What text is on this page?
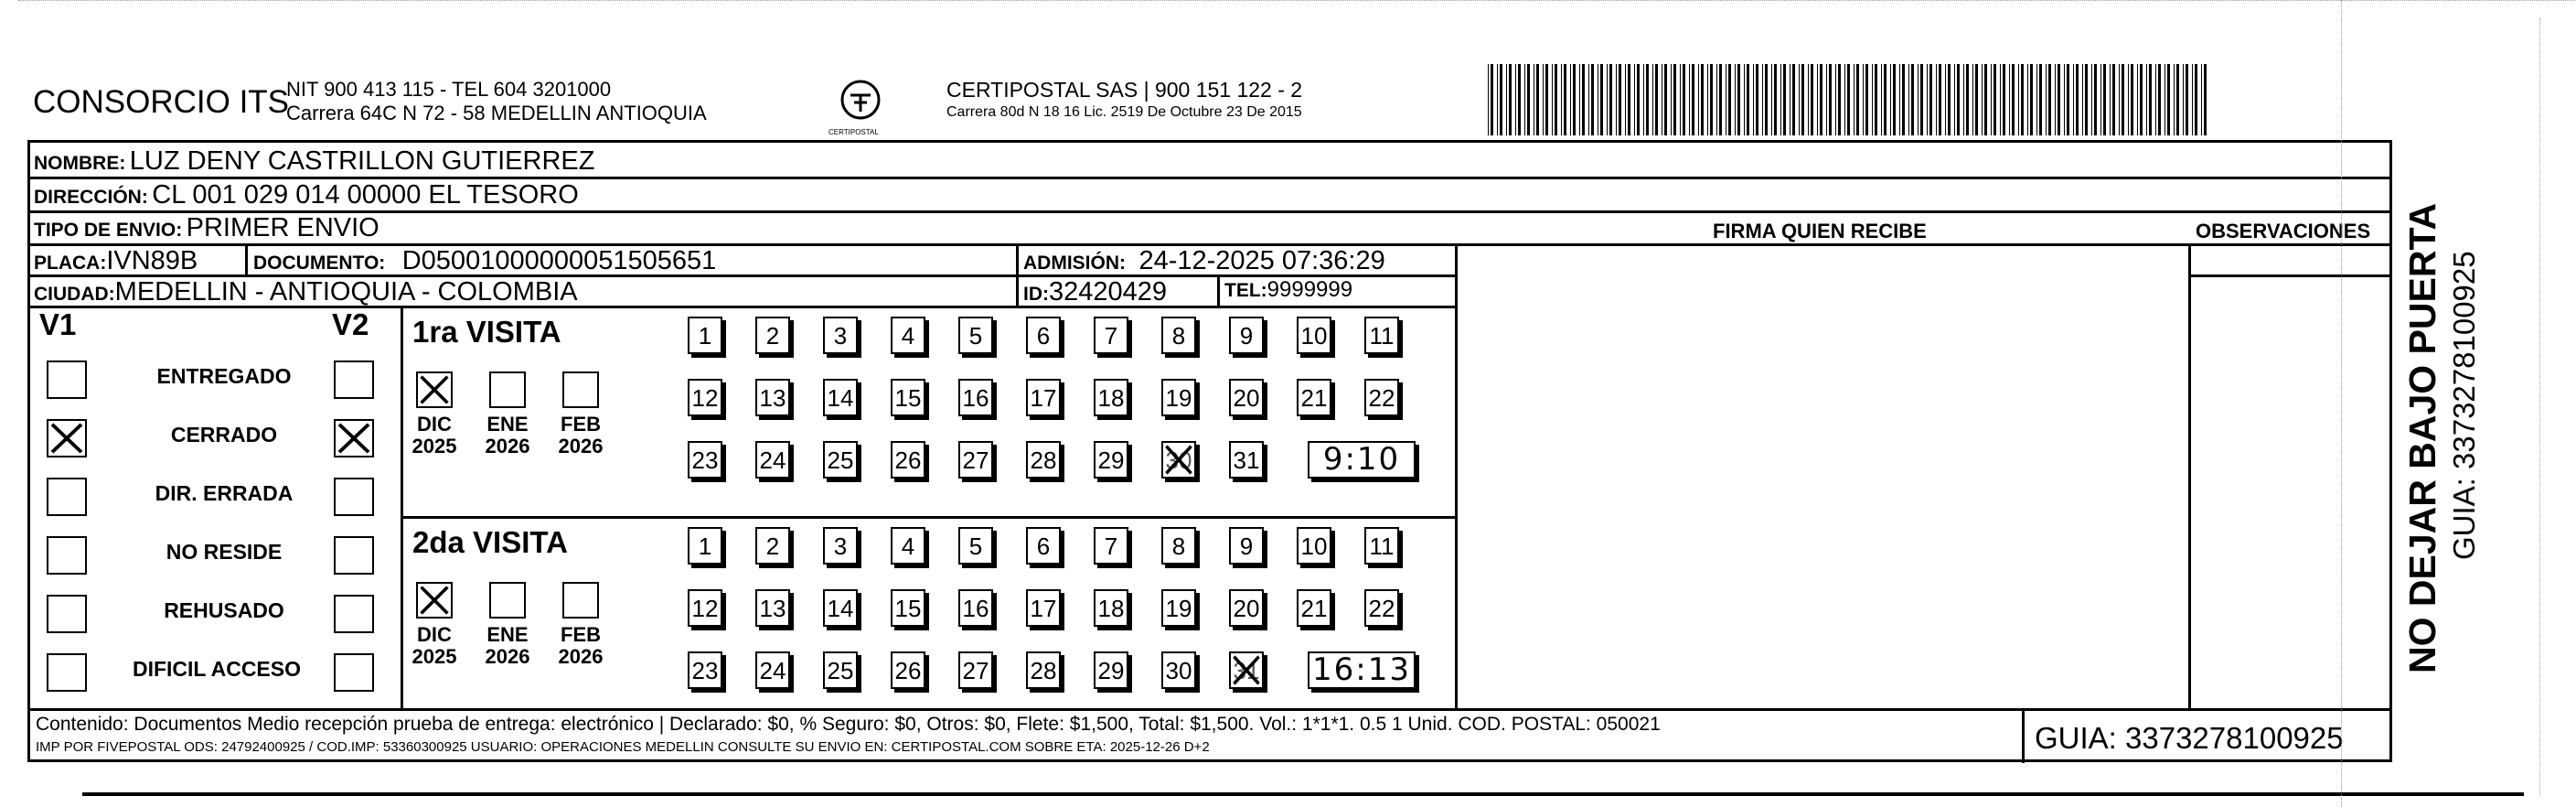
CONSORCIO ITS
NIT 900 413 115 - TEL 604 3201000
Carrera 64C N 72 - 58 MEDELLIN ANTIOQUIA
CERTIPOSTAL
CERTIPOSTAL SAS | 900 151 122 - 2
Carrera 80d N 18 16 Lic. 2519 De Octubre 23 De 2015
NOMBRE: LUZ DENY CASTRILLON GUTIERREZ
DIRECCIÓN: CL 001 029 014 00000 EL TESORO
TIPO DE ENVIO: PRIMER ENVIO	FIRMA QUIEN RECIBE	OBSERVACIONES
PLACA:IVN89B	DOCUMENTO: D05001000000051505651	ADMISIÓN: 24-12-2025 07:36:29
CIUDAD:MEDELLIN - ANTIOQUIA - COLOMBIA	ID:32420429	TEL:9999999
V1	V2
ENTREGADO
CERRADO
DIR. ERRADA
NO RESIDE
REHUSADO
DIFICIL ACCESO
1ra VISITA
DIC
2025
ENE
2026
FEB
2026
1	2	3	4	5	6	7	8	9	10 11
12 13 14 15 16 17 18 19 20 21 22
23 24 25 26 27 28 29 30 31	9:10
2da VISITA
DIC
2025
ENE
2026
FEB
2026
1	2	3	4	5	6	7	8	9	10 11
12 13 14 15 16 17 18 19 20 21 22
23 24 25 26 27 28 29 30 31 16:13
Contenido: Documentos Medio recepción prueba de entrega: electrónico | Declarado: $0, % Seguro: $0, Otros: $0, Flete: $1,500, Total: $1,500. Vol.: 1*1*1. 0.5 1 Unid. COD. POSTAL: 050021
IMP POR FIVEPOSTAL ODS: 24792400925 / COD.IMP: 53360300925 USUARIO: OPERACIONES MEDELLIN CONSULTE SU ENVIO EN: CERTIPOSTAL.COM SOBRE ETA: 2025-12-26 D+2	GUIA: 3373278100925
NO DEJAR BAJO PUERTA GUIA: 3373278100925
